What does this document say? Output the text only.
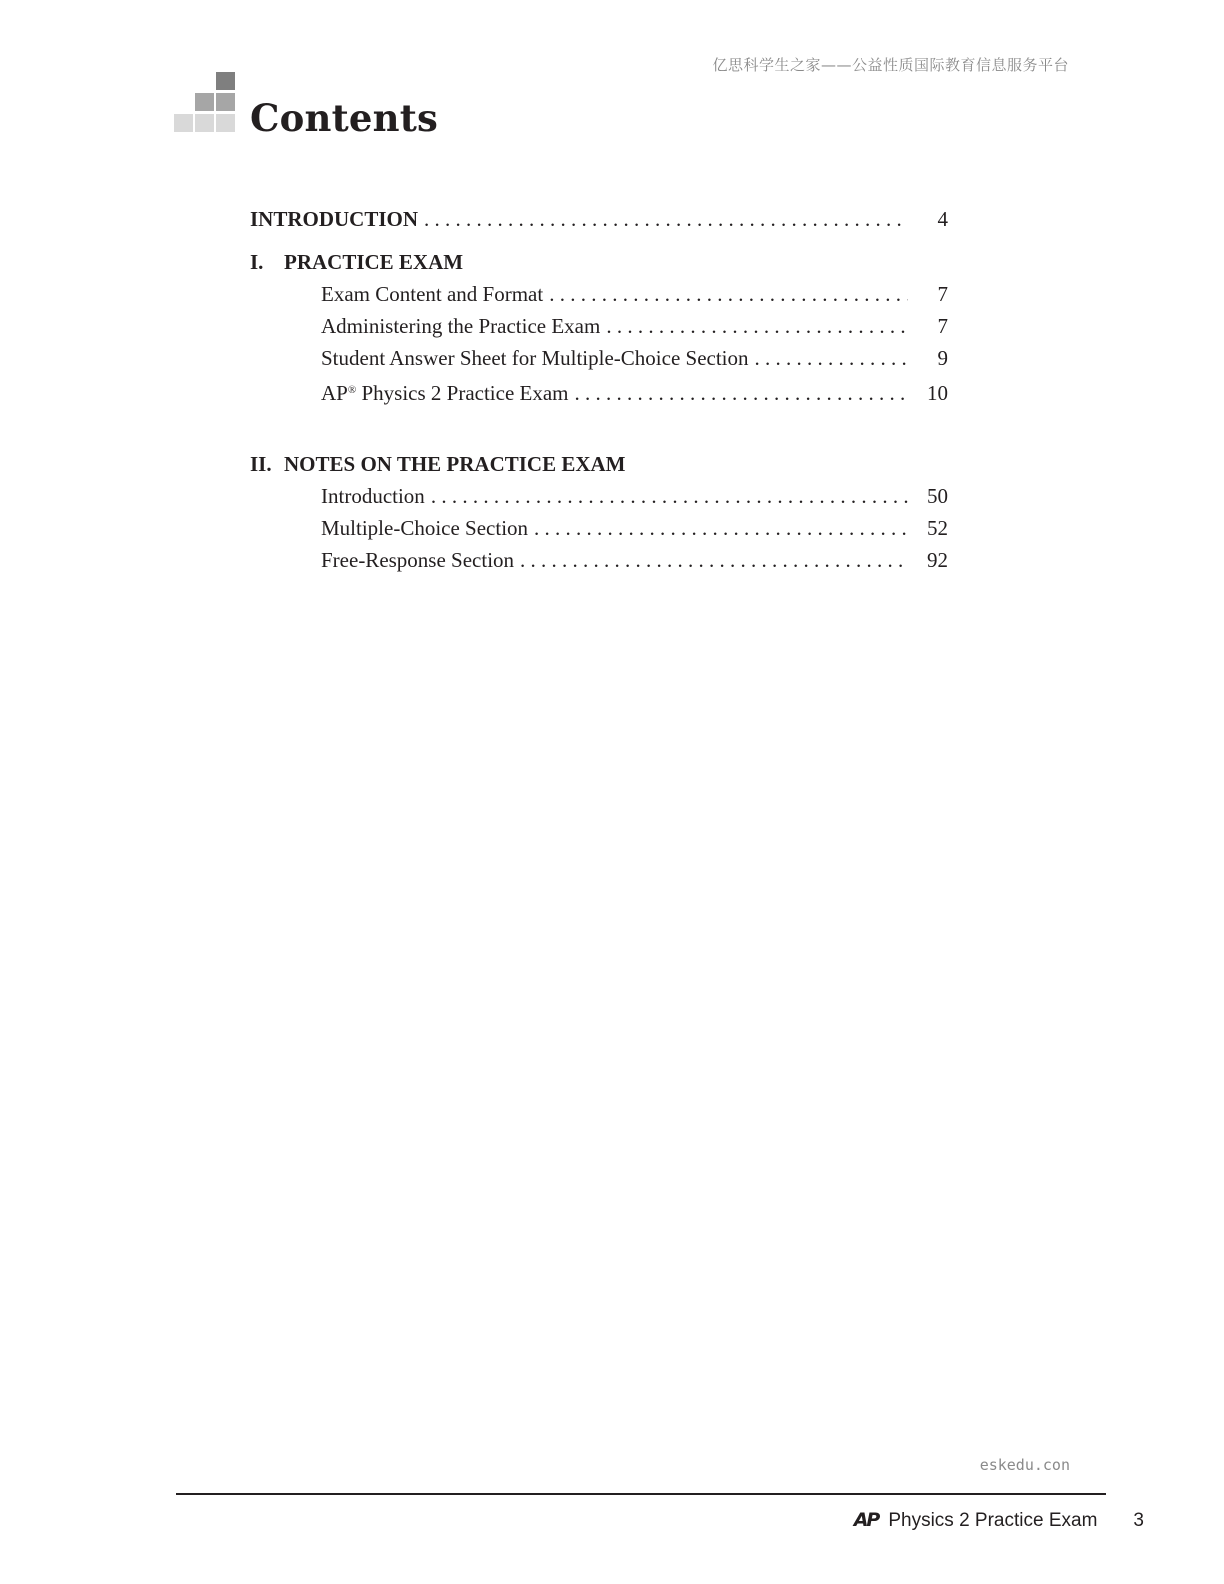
亿思科学生之家——公益性质国际教育信息服务平台
Contents
INTRODUCTION . . .	4
I. PRACTICE EXAM
Exam Content and Format . . .	7
Administering the Practice Exam . . .	7
Student Answer Sheet for Multiple-Choice Section . . .	9
AP® Physics 2 Practice Exam . . .	10
II. NOTES ON THE PRACTICE EXAM
Introduction . . .	50
Multiple-Choice Section . . .	52
Free-Response Section . . .	92
eskedu.con
AP Physics 2 Practice Exam 3
